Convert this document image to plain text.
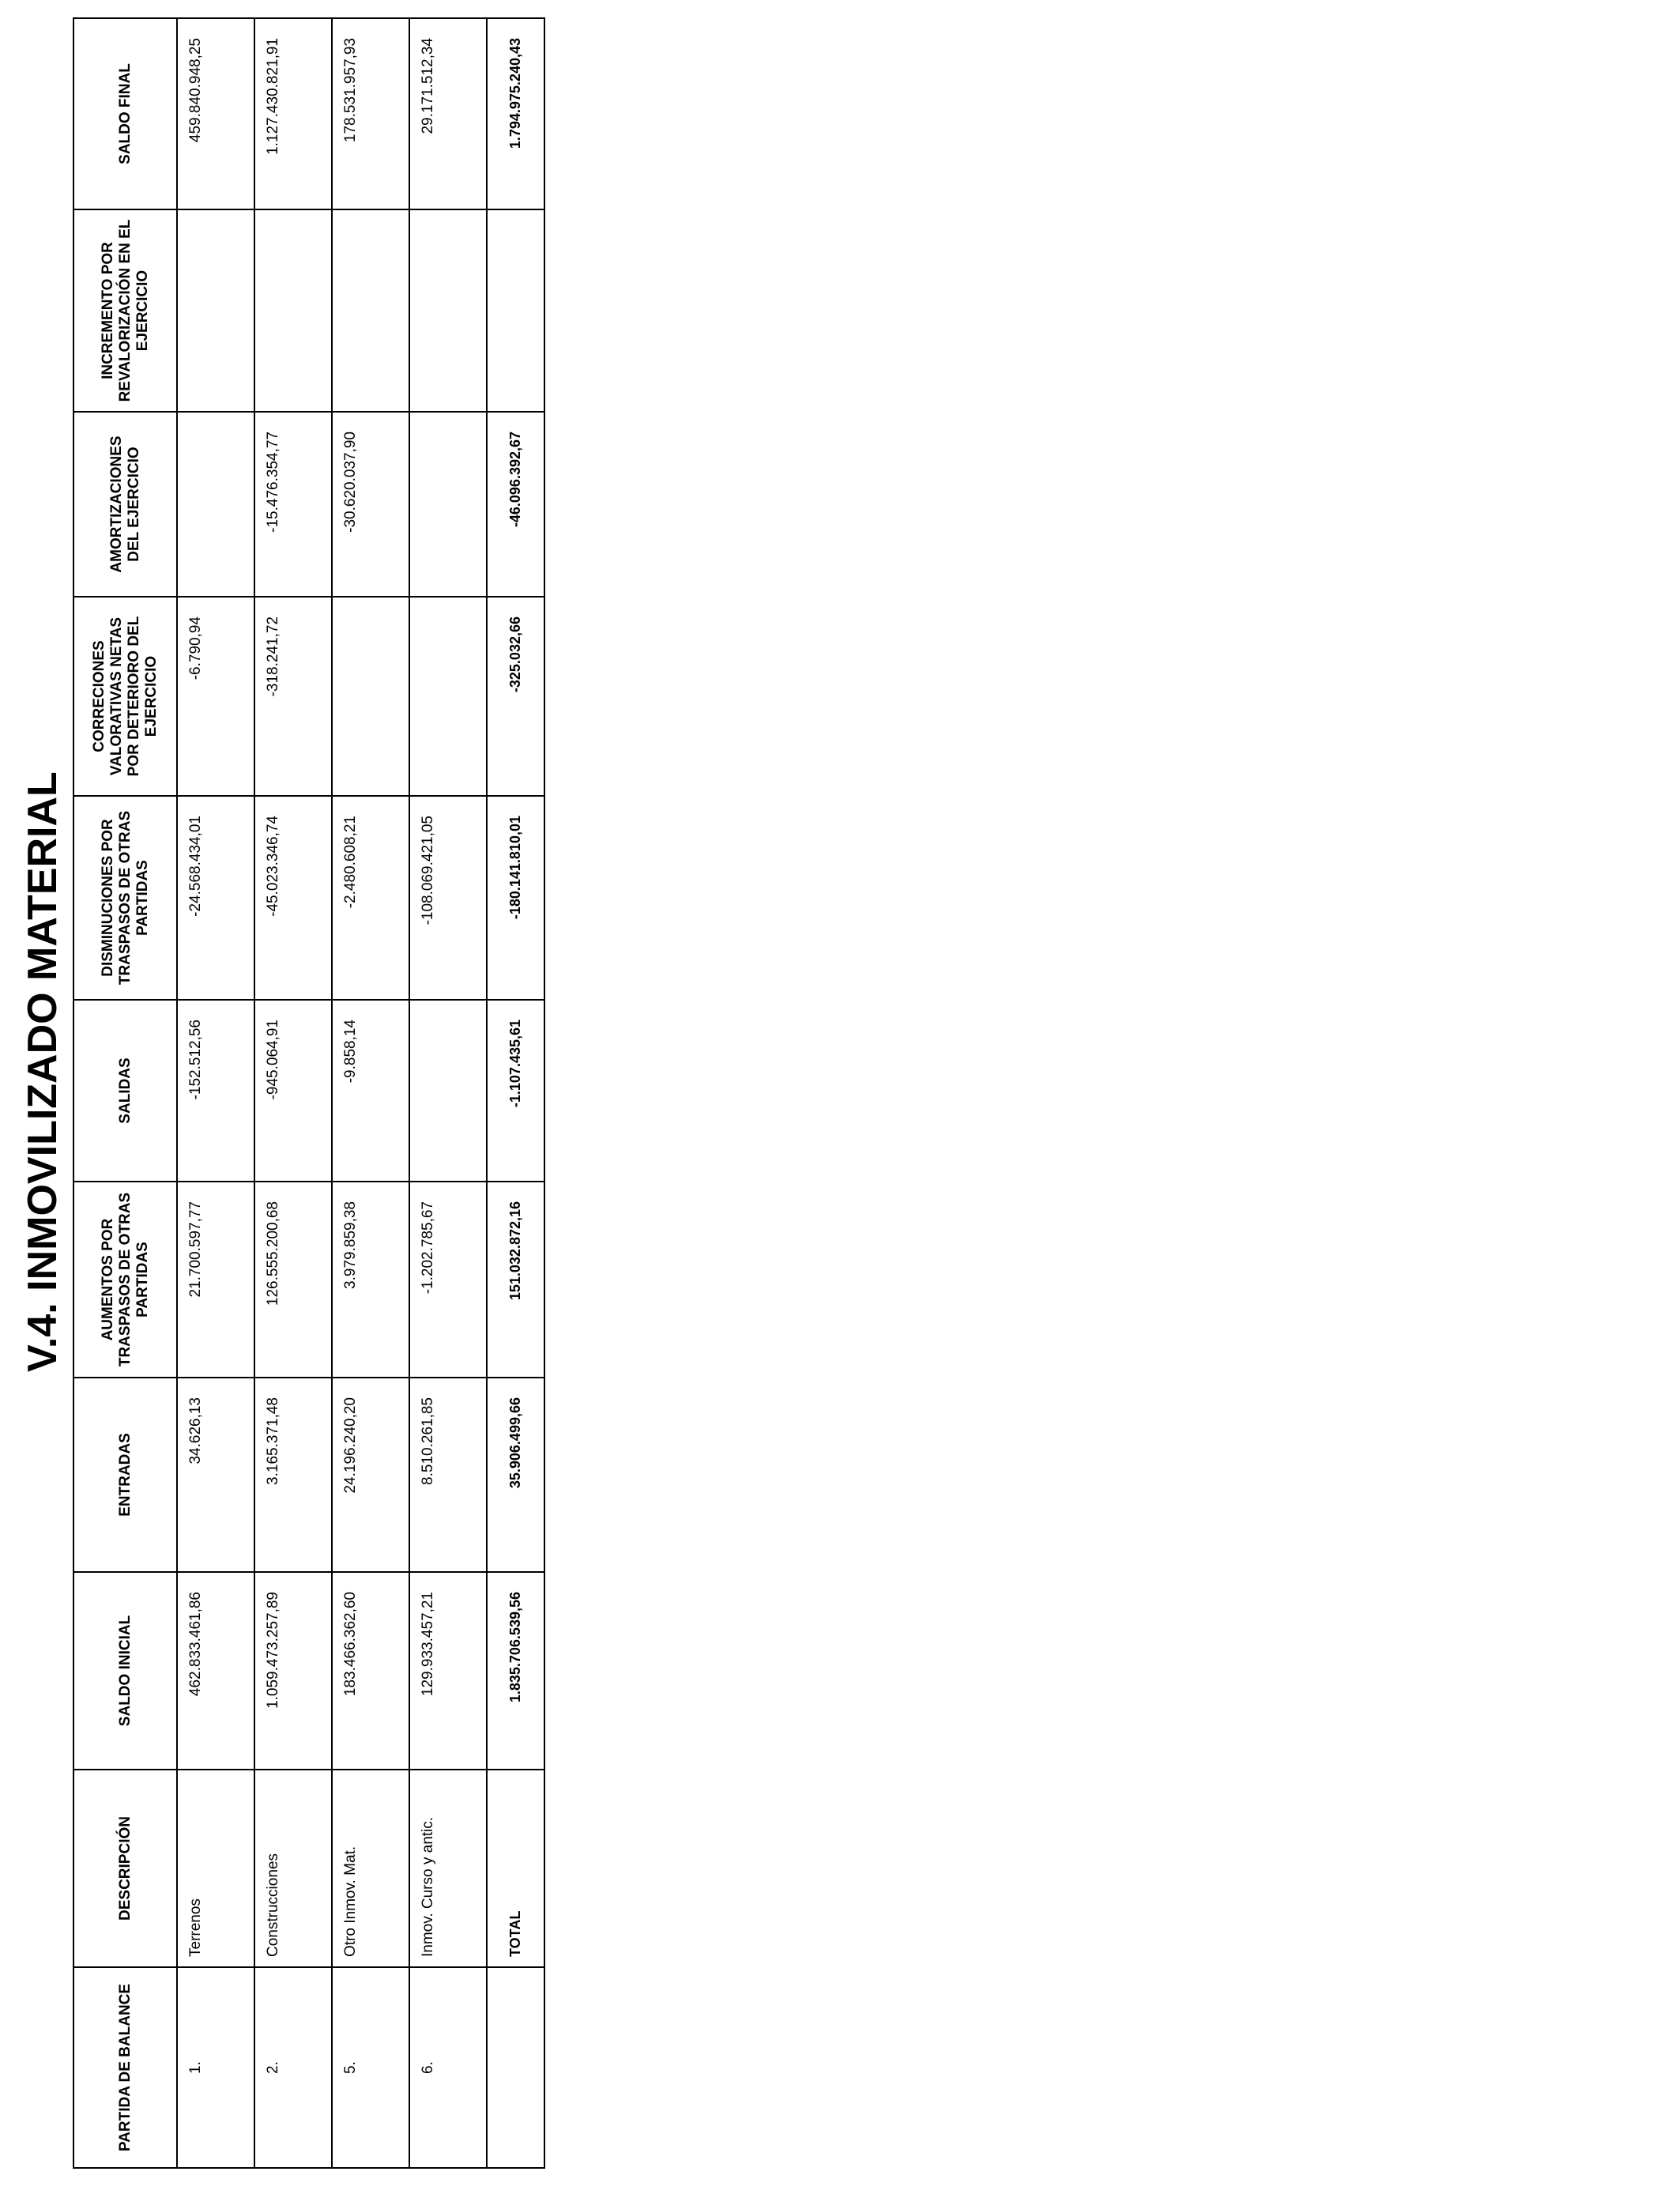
V.4. INMOVILIZADO MATERIAL
PARTIDA DE BALANCE	DESCRIPCIÓN	SALDO INICIAL	ENTRADAS	AUMENTOS POR TRASPASOS DE OTRAS PARTIDAS	SALIDAS	DISMINUCIONES POR TRASPASOS DE OTRAS PARTIDAS	CORRECIONES VALORATIVAS NETAS POR DETERIORO DEL EJERCICIO	AMORTIZACIONES DEL EJERCICIO	INCREMENTO POR REVALORIZACIÓN EN EL EJERCICIO	SALDO FINAL
1.	Terrenos	462.833.461,86	34.626,13	21.700.597,77	-152.512,56	-24.568.434,01	-6.790,94			459.840.948,25
2.	Construcciones	1.059.473.257,89	3.165.371,48	126.555.200,68	-945.064,91	-45.023.346,74	-318.241,72	-15.476.354,77		1.127.430.821,91
5.	Otro Inmov. Mat.	183.466.362,60	24.196.240,20	3.979.859,38	-9.858,14	-2.480.608,21		-30.620.037,90		178.531.957,93
6.	Inmov. Curso y antic.	129.933.457,21	8.510.261,85	-1.202.785,67		-108.069.421,05				29.171.512,34
	TOTAL	1.835.706.539,56	35.906.499,66	151.032.872,16	-1.107.435,61	-180.141.810,01	-325.032,66	-46.096.392,67		1.794.975.240,43
